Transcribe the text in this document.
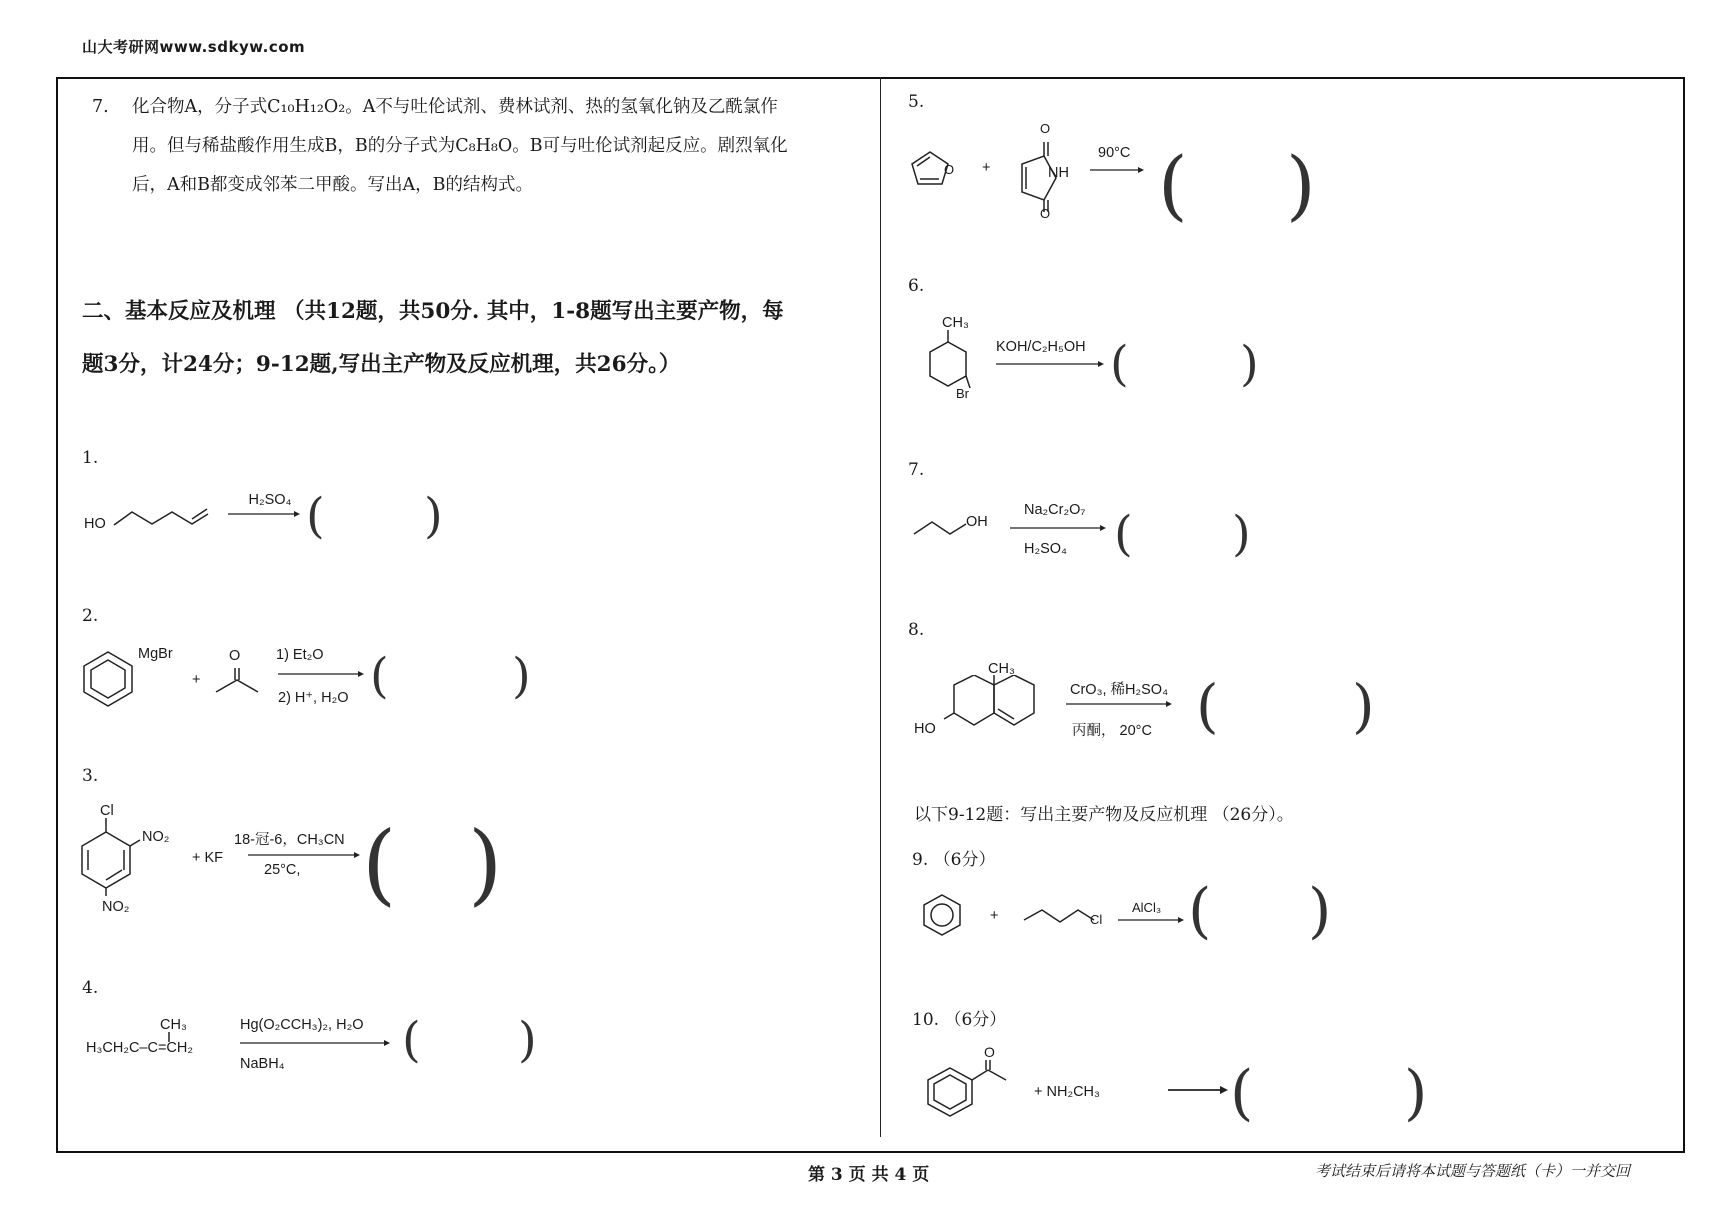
山大考研网www.sdkyw.com
7. 化合物A，分子式C₁₀H₁₂O₂。A不与吐伦试剂、费林试剂、热的氢氧化钠及乙酰氯作
用。但与稀盐酸作用生成B，B的分子式为C₈H₈O。B可与吐伦试剂起反应。剧烈氧化
后，A和B都变成邻苯二甲酸。写出A，B的结构式。
二、基本反应及机理 （共12题，共50分. 其中，1-8题写出主要产物，每
题3分，计24分；9-12题,写出主产物及反应机理，共26分。）
1.
HO
H₂SO₄ ( )
2.
MgBr
+
O 1) Et₂O
2) H⁺, H₂O (	)
3.
Cl
NO₂
NO₂
+ KF
18-冠-6，CH₃CN
25°C, ( )
4.
CH₃
H₃CH₂C–C=CH₂
Hg(O₂CCH₃)₂, H₂O
NaBH₄	( )
5.
O +
O
O
NH
90°C → ( )
6.
CH₃
Br
KOH/C₂H₅OH ( )
7.
OH
Na₂Cr₂O₇
H₂SO₄ ( )
8.
CH₃
HO
CrO₃, 稀H₂SO₄
丙酮， 20°C ( )
以下9-12题：写出主要产物及反应机理 （26分）。
9. （6分）
+	Cl
AlCl₃ ( )
10. （6分）
O
+ NH₂CH₃	→ (	)
第 3 页 共 4 页	考试结束后请将本试题与答题纸（卡）一并交回
